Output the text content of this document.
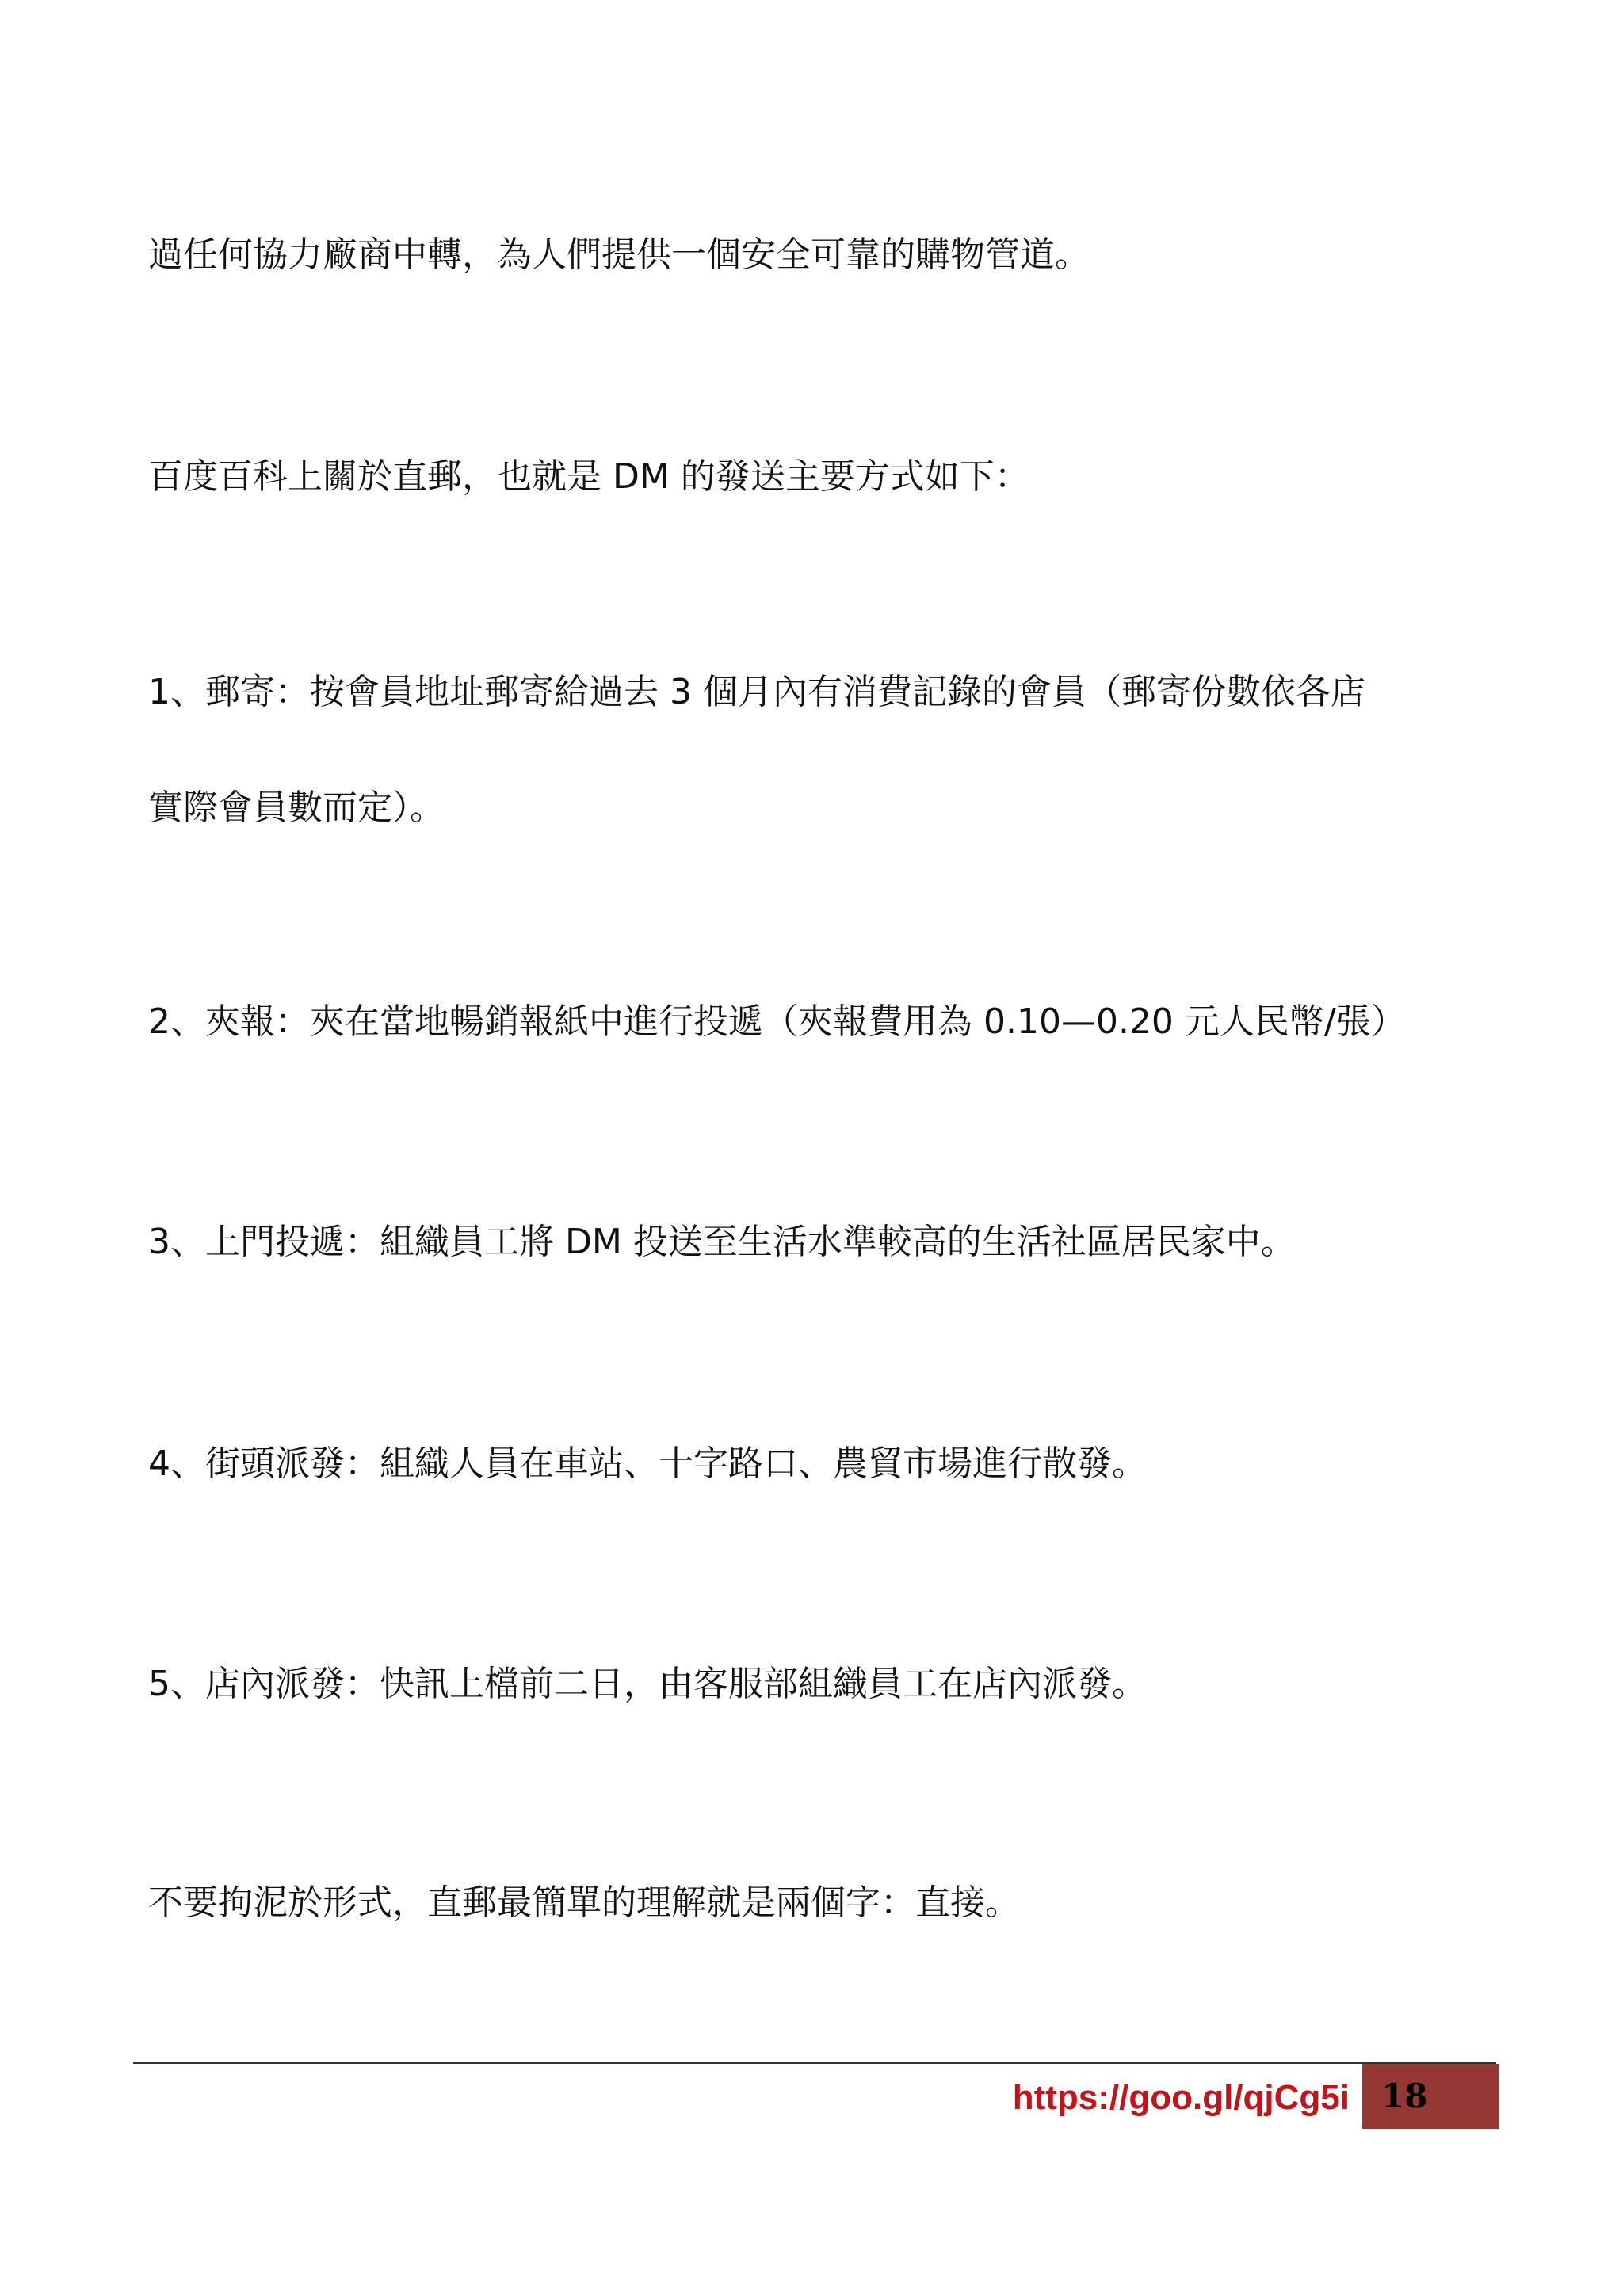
過任何協力廠商中轉，為人們提供一個安全可靠的購物管道。

百度百科上關於直郵，也就是 DM 的發送主要方式如下：

1、郵寄：按會員地址郵寄給過去 3 個月內有消費記錄的會員（郵寄份數依各店

實際會員數而定）。

2、夾報：夾在當地暢銷報紙中進行投遞（夾報費用為 0.10—0.20 元人民幣/張）

3、上門投遞：組織員工將 DM 投送至生活水準較高的生活社區居民家中。

4、街頭派發：組織人員在車站、十字路口、農貿市場進行散發。

5、店內派發：快訊上檔前二日，由客服部組織員工在店內派發。

不要拘泥於形式，直郵最簡單的理解就是兩個字：直接。

https://goo.gl/qjCg5i 18
